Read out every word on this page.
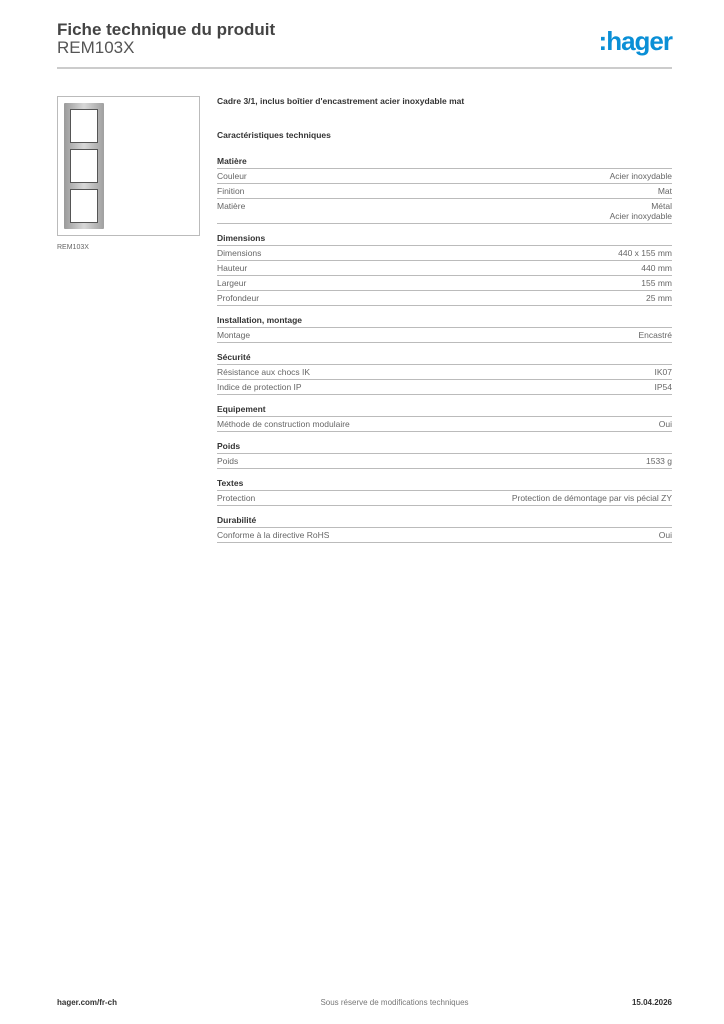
Fiche technique du produit
REM103X	:hager
REM103X
Cadre 3/1, inclus boîtier d'encastrement acier inoxydable mat
Caractéristiques techniques
Matière
Couleur	Acier inoxydable
Finition	Mat
Matière	Métal
Acier inoxydable
Dimensions
Dimensions	440 x 155 mm
Hauteur	440 mm
Largeur	155 mm
Profondeur	25 mm
Installation, montage
Montage	Encastré
Sécurité
Résistance aux chocs IK	IK07
Indice de protection IP	IP54
Equipement
Méthode de construction modulaire	Oui
Poids
Poids	1533 g
Textes
Protection	Protection de démontage par vis pécial ZY
Durabilité
Conforme à la directive RoHS	Oui
hager.com/fr-ch	Sous réserve de modifications techniques	15.04.2026
